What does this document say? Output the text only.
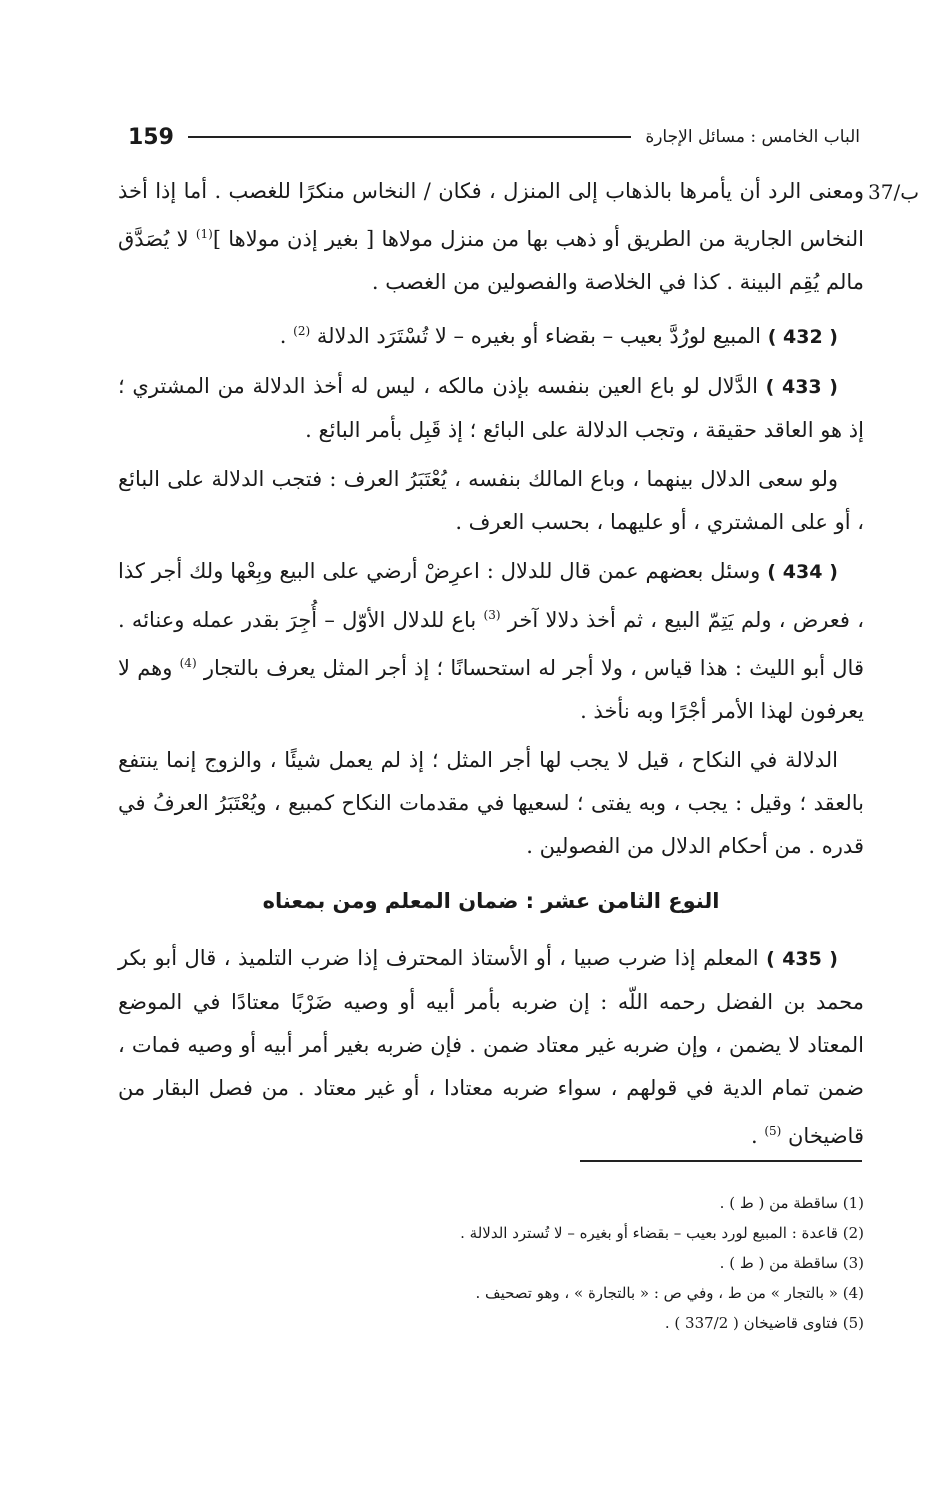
الباب الخامس : مسائل الإجارة
159
37/ب

ومعنى الرد أن يأمرها بالذهاب إلى المنزل ، فكان / النخاس منكرًا للغصب . أما إذا أخذ النخاس الجارية من الطريق أو ذهب بها من منزل مولاها [ بغير إذن مولاها ]$^{(1)}$ لا يُصَدَّق مالم يُقِم البينة . كذا في الخلاصة والفصولين من الغصب .

( 432 ) المبيع لورُدَّ بعيب – بقضاء أو بغيره – لا تُسْتَرَد الدلالة $^{(2)}$ .

( 433 ) الدَّلال لو باع العين بنفسه بإذن مالكه ، ليس له أخذ الدلالة من المشتري ؛ إذ هو العاقد حقيقة ، وتجب الدلالة على البائع ؛ إذ قَبِل بأمر البائع .

ولو سعى الدلال بينهما ، وباع المالك بنفسه ، يُعْتَبَرُ العرف : فتجب الدلالة على البائع ، أو على المشتري ، أو عليهما ، بحسب العرف .

( 434 ) وسئل بعضهم عمن قال للدلال : اعرِضْ أرضي على البيع وبِعْها ولك أجر كذا ، فعرض ، ولم يَتِمّ البيع ، ثم أخذ دلالا آخر $^{(3)}$ باع للدلال الأوّل – أُجِرَ بقدر عمله وعنائه . قال أبو الليث : هذا قياس ، ولا أجر له استحسانًا ؛ إذ أجر المثل يعرف بالتجار $^{(4)}$ وهم لا يعرفون لهذا الأمر أجْرًا وبه نأخذ .

الدلالة في النكاح ، قيل لا يجب لها أجر المثل ؛ إذ لم يعمل شيئًا ، والزوج إنما ينتفع بالعقد ؛ وقيل : يجب ، وبه يفتى ؛ لسعيها في مقدمات النكاح كمبيع ، ويُعْتَبَرُ العرفُ في قدره . من أحكام الدلال من الفصولين .

النوع الثامن عشر : ضمان المعلم ومن بمعناه

( 435 ) المعلم إذا ضرب صبيا ، أو الأستاذ المحترف إذا ضرب التلميذ ، قال أبو بكر محمد بن الفضل رحمه اللّه : إن ضربه بأمر أبيه أو وصيه ضَرْبًا معتادًا في الموضع المعتاد لا يضمن ، وإن ضربه غير معتاد ضمن . فإن ضربه بغير أمر أبيه أو وصيه فمات ، ضمن تمام الدية في قولهم ، سواء ضربه معتادا ، أو غير معتاد . من فصل البقار من قاضيخان $^{(5)}$ .

(1) ساقطة من ( ط ) .
(2) قاعدة : المبيع لورد بعيب – بقضاء أو بغيره – لا تُسترد الدلالة .
(3) ساقطة من ( ط ) .
(4) « بالتجار » من ط ، وفي ص : « بالتجارة » ، وهو تصحيف .
(5) فتاوى قاضيخان ( 337/2 ) .
